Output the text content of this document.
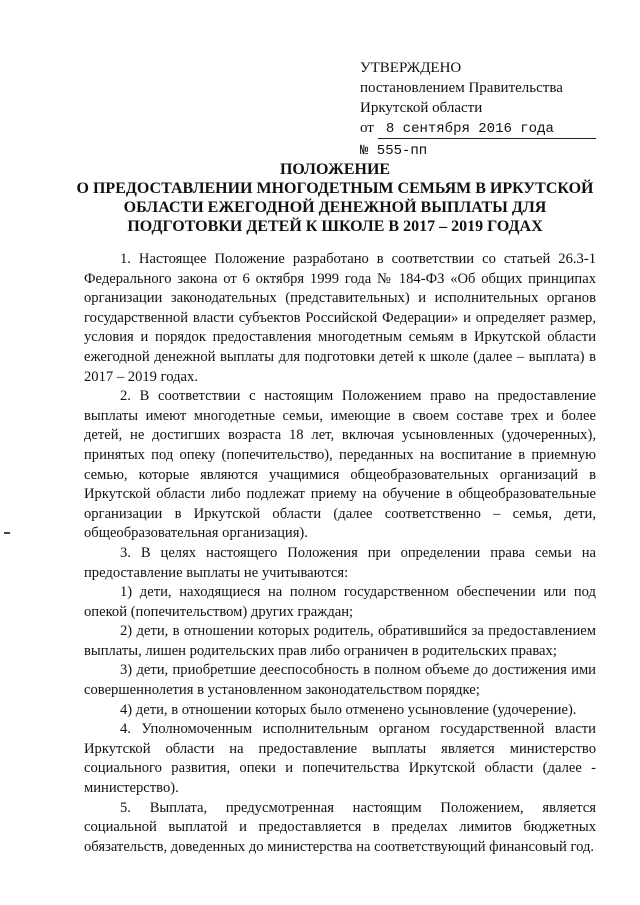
УТВЕРЖДЕНО
постановлением Правительства
Иркутской области
от 8 сентября 2016 года
№ 555-пп
ПОЛОЖЕНИЕ
О ПРЕДОСТАВЛЕНИИ МНОГОДЕТНЫМ СЕМЬЯМ В ИРКУТСКОЙ
ОБЛАСТИ ЕЖЕГОДНОЙ ДЕНЕЖНОЙ ВЫПЛАТЫ ДЛЯ
ПОДГОТОВКИ ДЕТЕЙ К ШКОЛЕ В 2017 – 2019 ГОДАХ

1. Настоящее Положение разработано в соответствии со статьей 26.3-1 Федерального закона от 6 октября 1999 года № 184-ФЗ «Об общих принципах организации законодательных (представительных) и исполнительных органов государственной власти субъектов Российской Федерации» и определяет размер, условия и порядок предоставления многодетным семьям в Иркутской области ежегодной денежной выплаты для подготовки детей к школе (далее – выплата) в 2017 – 2019 годах.

2. В соответствии с настоящим Положением право на предоставление выплаты имеют многодетные семьи, имеющие в своем составе трех и более детей, не достигших возраста 18 лет, включая усыновленных (удочеренных), принятых под опеку (попечительство), переданных на воспитание в приемную семью, которые являются учащимися общеобразовательных организаций в Иркутской области либо подлежат приему на обучение в общеобразовательные организации в Иркутской области (далее соответственно – семья, дети, общеобразовательная организация).

3. В целях настоящего Положения при определении права семьи на предоставление выплаты не учитываются:

1) дети, находящиеся на полном государственном обеспечении или под опекой (попечительством) других граждан;

2) дети, в отношении которых родитель, обратившийся за предоставлением выплаты, лишен родительских прав либо ограничен в родительских правах;

3) дети, приобретшие дееспособность в полном объеме до достижения ими совершеннолетия в установленном законодательством порядке;

4) дети, в отношении которых было отменено усыновление (удочерение).

4. Уполномоченным исполнительным органом государственной власти Иркутской области на предоставление выплаты является министерство социального развития, опеки и попечительства Иркутской области (далее - министерство).

5. Выплата, предусмотренная настоящим Положением, является социальной выплатой и предоставляется в пределах лимитов бюджетных обязательств, доведенных до министерства на соответствующий финансовый год.
